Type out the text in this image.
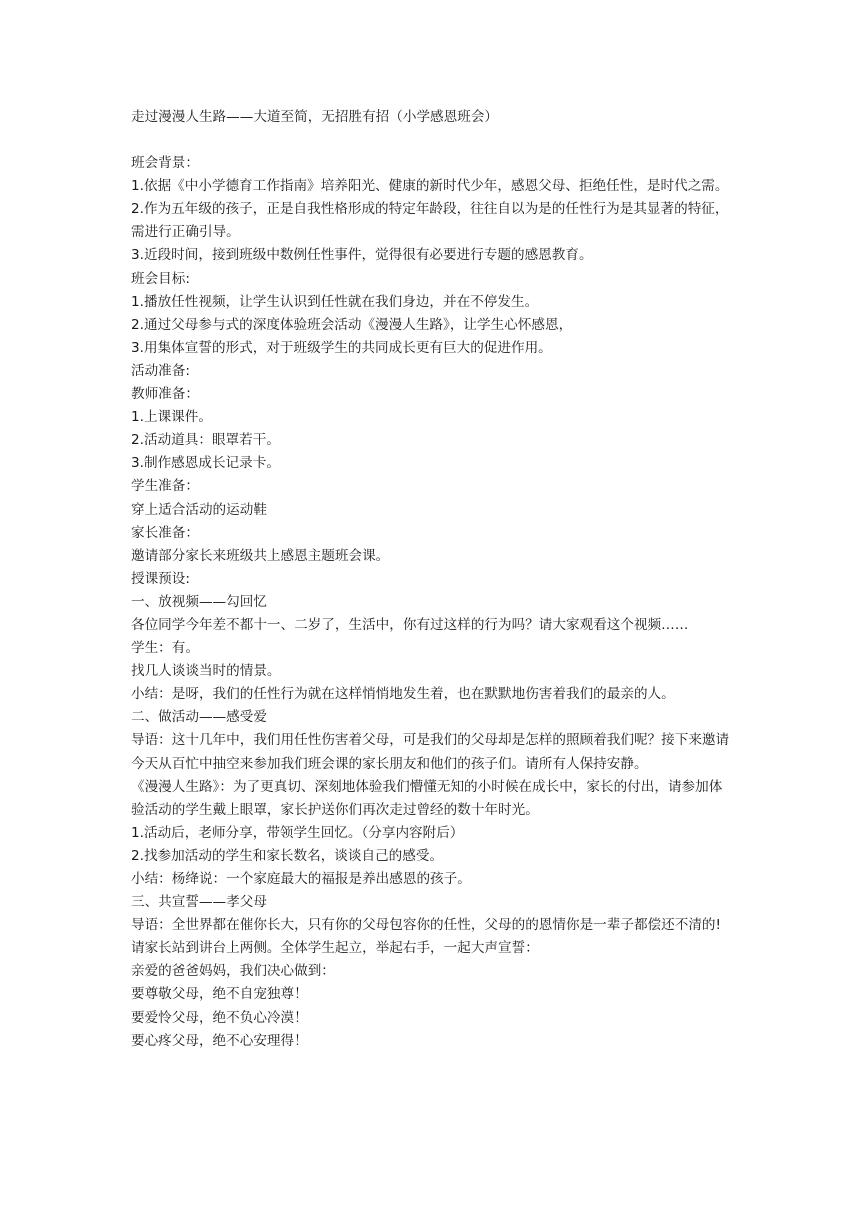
走过漫漫人生路——大道至简，无招胜有招（小学感恩班会）
班会背景：
1.依据《中小学德育工作指南》培养阳光、健康的新时代少年，感恩父母、拒绝任性，是时代之需。
2.作为五年级的孩子，正是自我性格形成的特定年龄段，往往自以为是的任性行为是其显著的特征，需进行正确引导。
3.近段时间，接到班级中数例任性事件，觉得很有必要进行专题的感恩教育。
班会目标:
1.播放任性视频，让学生认识到任性就在我们身边，并在不停发生。
2.通过父母参与式的深度体验班会活动《漫漫人生路》，让学生心怀感恩，
3.用集体宣誓的形式，对于班级学生的共同成长更有巨大的促进作用。
活动准备:
教师准备：
1.上课课件。
2.活动道具：眼罩若干。
3.制作感恩成长记录卡。
学生准备：
穿上适合活动的运动鞋
家长准备：
邀请部分家长来班级共上感恩主题班会课。
授课预设:
一、放视频——勾回忆
各位同学今年差不都十一、二岁了，生活中，你有过这样的行为吗？请大家观看这个视频……
学生：有。
找几人谈谈当时的情景。
小结：是呀，我们的任性行为就在这样悄悄地发生着，也在默默地伤害着我们的最亲的人。
二、做活动——感受爱
导语：这十几年中，我们用任性伤害着父母，可是我们的父母却是怎样的照顾着我们呢？接下来邀请今天从百忙中抽空来参加我们班会课的家长朋友和他们的孩子们。请所有人保持安静。
《漫漫人生路》：为了更真切、深刻地体验我们懵懂无知的小时候在成长中，家长的付出，请参加体验活动的学生戴上眼罩，家长护送你们再次走过曾经的数十年时光。
1.活动后，老师分享，带领学生回忆。（分享内容附后）
2.找参加活动的学生和家长数名，谈谈自己的感受。
小结：杨绛说：一个家庭最大的福报是养出感恩的孩子。
三、共宣誓——孝父母
导语：全世界都在催你长大，只有你的父母包容你的任性，父母的的恩情你是一辈子都偿还不清的!
请家长站到讲台上两侧。全体学生起立，举起右手，一起大声宣誓：
亲爱的爸爸妈妈，我们决心做到：
要尊敬父母，绝不自宠独尊！
要爱怜父母，绝不负心冷漠！
要心疼父母，绝不心安理得！
